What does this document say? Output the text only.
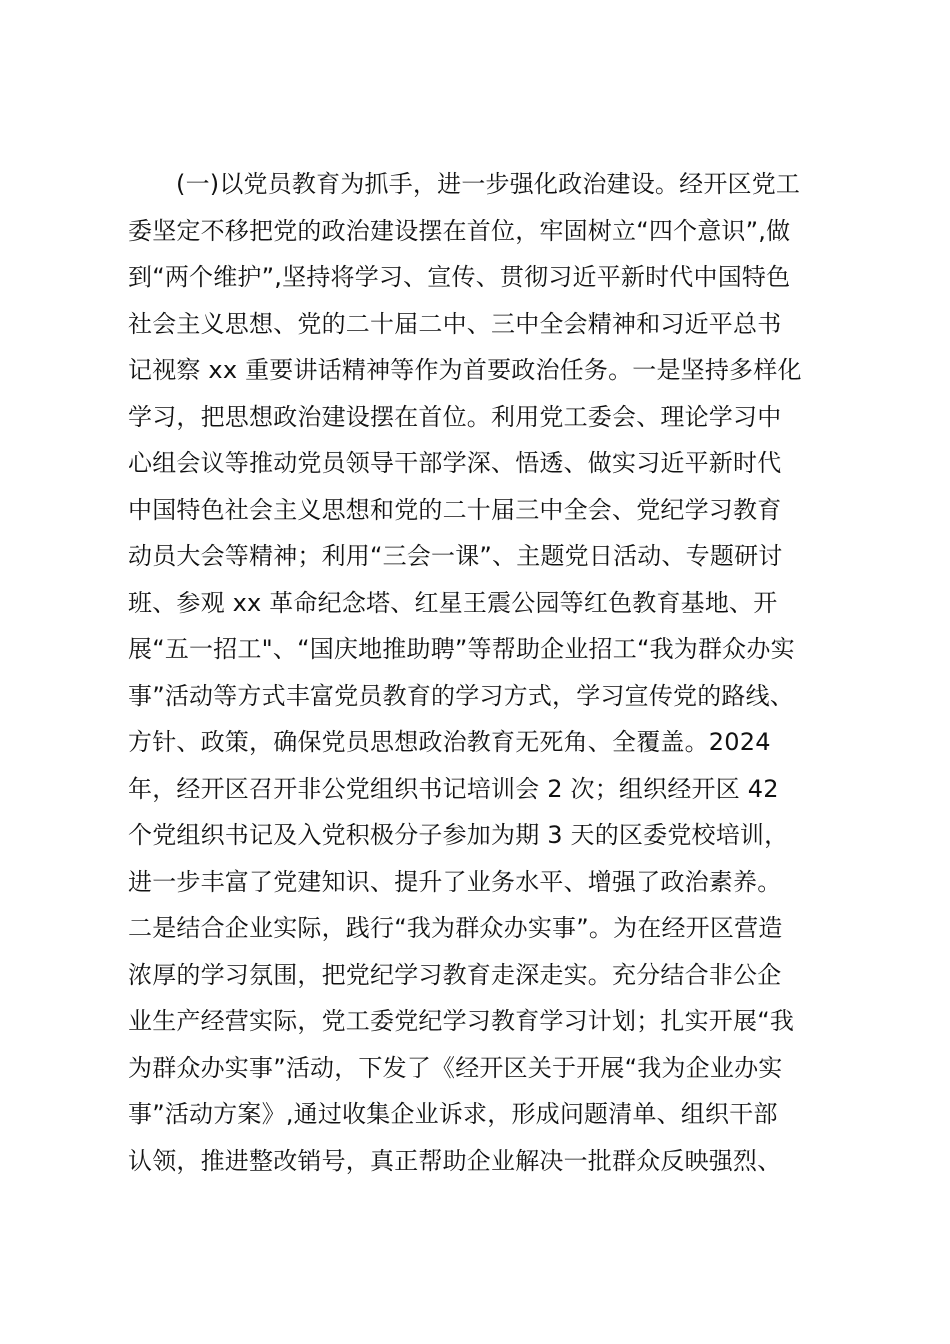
(一)以党员教育为抓手，进一步强化政治建设。经开区党工
委坚定不移把党的政治建设摆在首位，牢固树立“四个意识”,做
到“两个维护”,坚持将学习、宣传、贯彻习近平新时代中国特色
社会主义思想、党的二十届二中、三中全会精神和习近平总书
记视察 xx 重要讲话精神等作为首要政治任务。一是坚持多样化
学习，把思想政治建设摆在首位。利用党工委会、理论学习中
心组会议等推动党员领导干部学深、悟透、做实习近平新时代
中国特色社会主义思想和党的二十届三中全会、党纪学习教育
动员大会等精神；利用“三会一课”、主题党日活动、专题研讨
班、参观 xx 革命纪念塔、红星王震公园等红色教育基地、开
展“五一招工"、“国庆地推助聘”等帮助企业招工“我为群众办实
事”活动等方式丰富党员教育的学习方式，学习宣传党的路线、
方针、政策，确保党员思想政治教育无死角、全覆盖。2024
年，经开区召开非公党组织书记培训会 2 次；组织经开区 42
个党组织书记及入党积极分子参加为期 3 天的区委党校培训，
进一步丰富了党建知识、提升了业务水平、增强了政治素养。
二是结合企业实际，践行“我为群众办实事”。为在经开区营造
浓厚的学习氛围，把党纪学习教育走深走实。充分结合非公企
业生产经营实际，党工委党纪学习教育学习计划；扎实开展“我
为群众办实事”活动，下发了《经开区关于开展“我为企业办实
事”活动方案》,通过收集企业诉求，形成问题清单、组织干部
认领，推进整改销号，真正帮助企业解决一批群众反映强烈、
